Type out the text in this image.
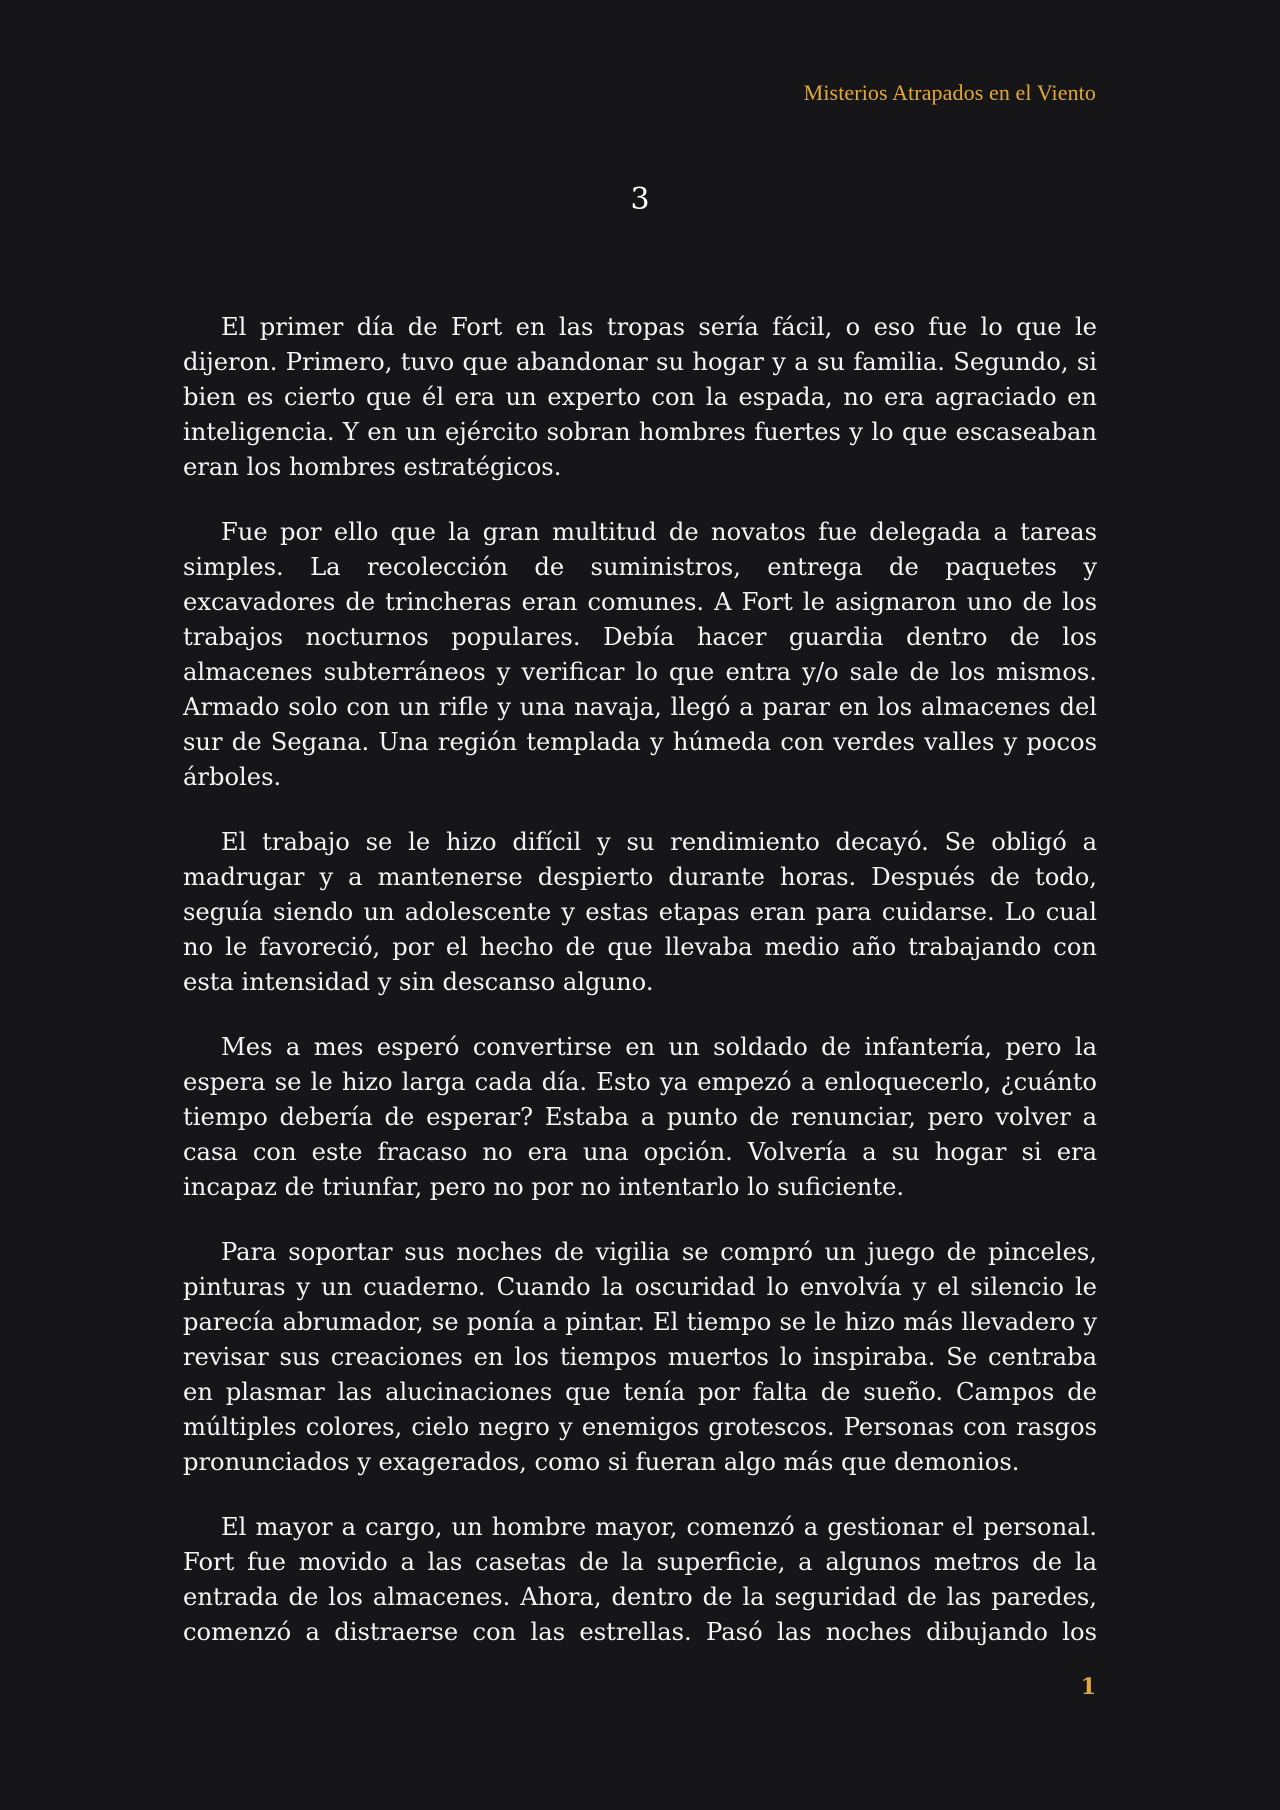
Misterios Atrapados en el Viento
3

El primer día de Fort en las tropas sería fácil, o eso fue lo que le dijeron. Primero, tuvo que abandonar su hogar y a su familia. Segundo, si bien es cierto que él era un experto con la espada, no era agraciado en inteligencia. Y en un ejército sobran hombres fuertes y lo que escaseaban eran los hombres estratégicos.

Fue por ello que la gran multitud de novatos fue delegada a tareas simples. La recolección de suministros, entrega de paquetes y excavadores de trincheras eran comunes. A Fort le asignaron uno de los trabajos nocturnos populares. Debía hacer guardia dentro de los almacenes subterráneos y verificar lo que entra y/o sale de los mismos. Armado solo con un rifle y una navaja, llegó a parar en los almacenes del sur de Segana. Una región templada y húmeda con verdes valles y pocos árboles.

El trabajo se le hizo difícil y su rendimiento decayó. Se obligó a madrugar y a mantenerse despierto durante horas. Después de todo, seguía siendo un adolescente y estas etapas eran para cuidarse. Lo cual no le favoreció, por el hecho de que llevaba medio año trabajando con esta intensidad y sin descanso alguno.

Mes a mes esperó convertirse en un soldado de infantería, pero la espera se le hizo larga cada día. Esto ya empezó a enloquecerlo, ¿cuánto tiempo debería de esperar? Estaba a punto de renunciar, pero volver a casa con este fracaso no era una opción. Volvería a su hogar si era incapaz de triunfar, pero no por no intentarlo lo suficiente.

Para soportar sus noches de vigilia se compró un juego de pinceles, pinturas y un cuaderno. Cuando la oscuridad lo envolvía y el silencio le parecía abrumador, se ponía a pintar. El tiempo se le hizo más llevadero y revisar sus creaciones en los tiempos muertos lo inspiraba. Se centraba en plasmar las alucinaciones que tenía por falta de sueño. Campos de múltiples colores, cielo negro y enemigos grotescos. Personas con rasgos pronunciados y exagerados, como si fueran algo más que demonios.

El mayor a cargo, un hombre mayor, comenzó a gestionar el personal. Fort fue movido a las casetas de la superficie, a algunos metros de la entrada de los almacenes. Ahora, dentro de la seguridad de las paredes, comenzó a distraerse con las estrellas. Pasó las noches dibujando los

1
